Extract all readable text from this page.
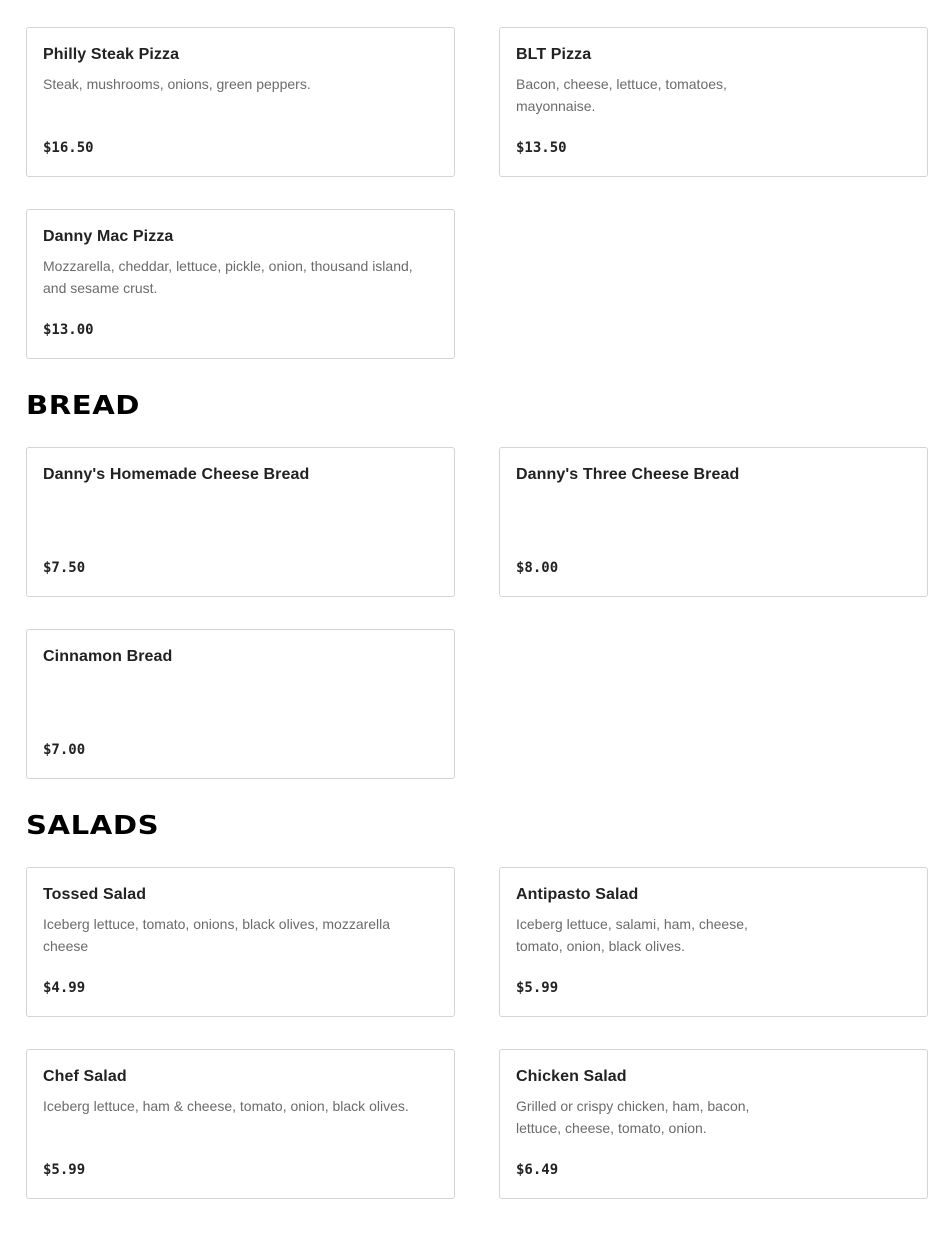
Philly Steak Pizza
Steak, mushrooms, onions, green peppers.
$16.50
BLT Pizza
Bacon, cheese, lettuce, tomatoes,
mayonnaise.
$13.50
Danny Mac Pizza
Mozzarella, cheddar, lettuce, pickle, onion, thousand island,
and sesame crust.
$13.00
BREAD
Danny's Homemade Cheese Bread
$7.50
Danny's Three Cheese Bread
$8.00
Cinnamon Bread
$7.00
SALADS
Tossed Salad
Iceberg lettuce, tomato, onions, black olives, mozzarella
cheese
$4.99
Antipasto Salad
Iceberg lettuce, salami, ham, cheese,
tomato, onion, black olives.
$5.99
Chef Salad
Iceberg lettuce, ham & cheese, tomato, onion, black olives.
$5.99
Chicken Salad
Grilled or crispy chicken, ham, bacon,
lettuce, cheese, tomato, onion.
$6.49
